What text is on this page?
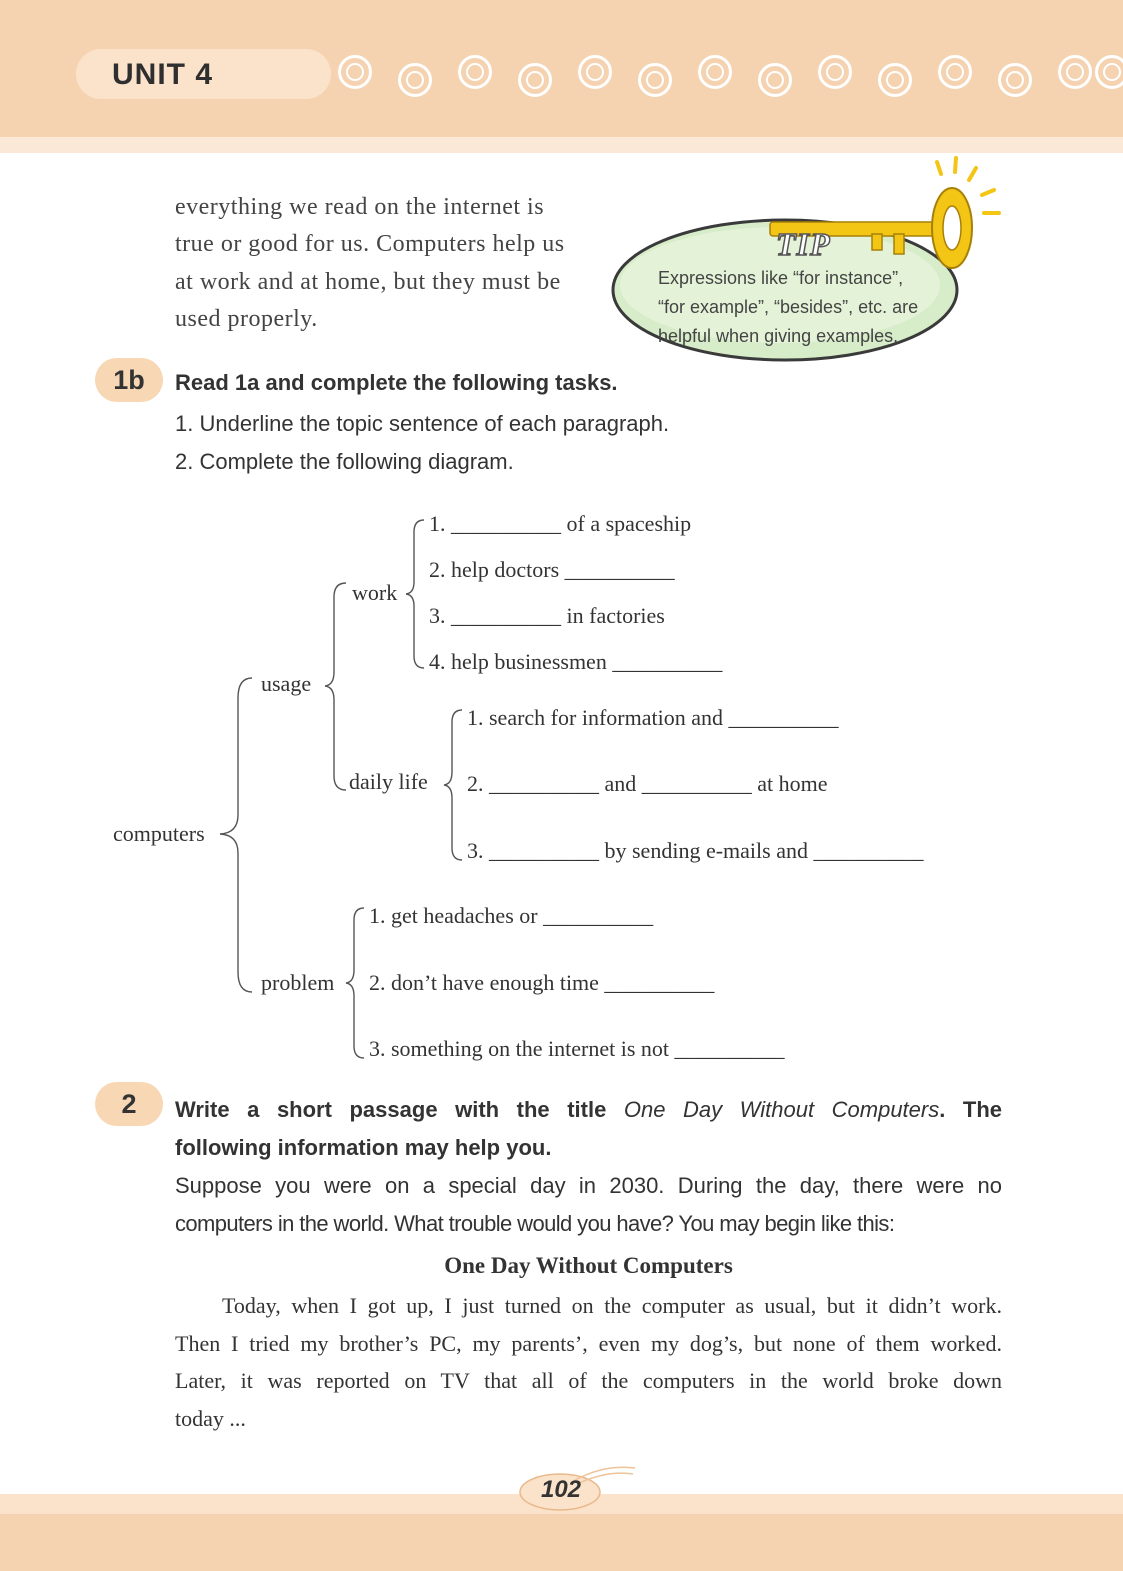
UNIT 4
everything we read on the internet is
true or good for us. Computers help us
at work and at home, but they must be
used properly.
TIP
Expressions like “for instance”,
“for example”, “besides”, etc. are
helpful when giving examples.
1b	Read 1a and complete the following tasks.
1. Underline the topic sentence of each paragraph.
2. Complete the following diagram.
computers
usage
work
daily life
problem
1. __________ of a spaceship
2. help doctors __________
3. __________ in factories
4. help businessmen __________
1. search for information and __________
2. __________ and __________ at home
3. __________ by sending e-mails and __________
1. get headaches or __________
2. don’t have enough time __________
3. something on the internet is not __________
2	Write a short passage with the title One Day Without Computers. The
following information may help you.
Suppose you were on a special day in 2030. During the day, there were no
computers in the world. What trouble would you have? You may begin like this:
One Day Without Computers
Today, when I got up, I just turned on the computer as usual, but it didn’t work.
Then I tried my brother’s PC, my parents’, even my dog’s, but none of them worked.
Later, it was reported on TV that all of the computers in the world broke down
today ...
102
